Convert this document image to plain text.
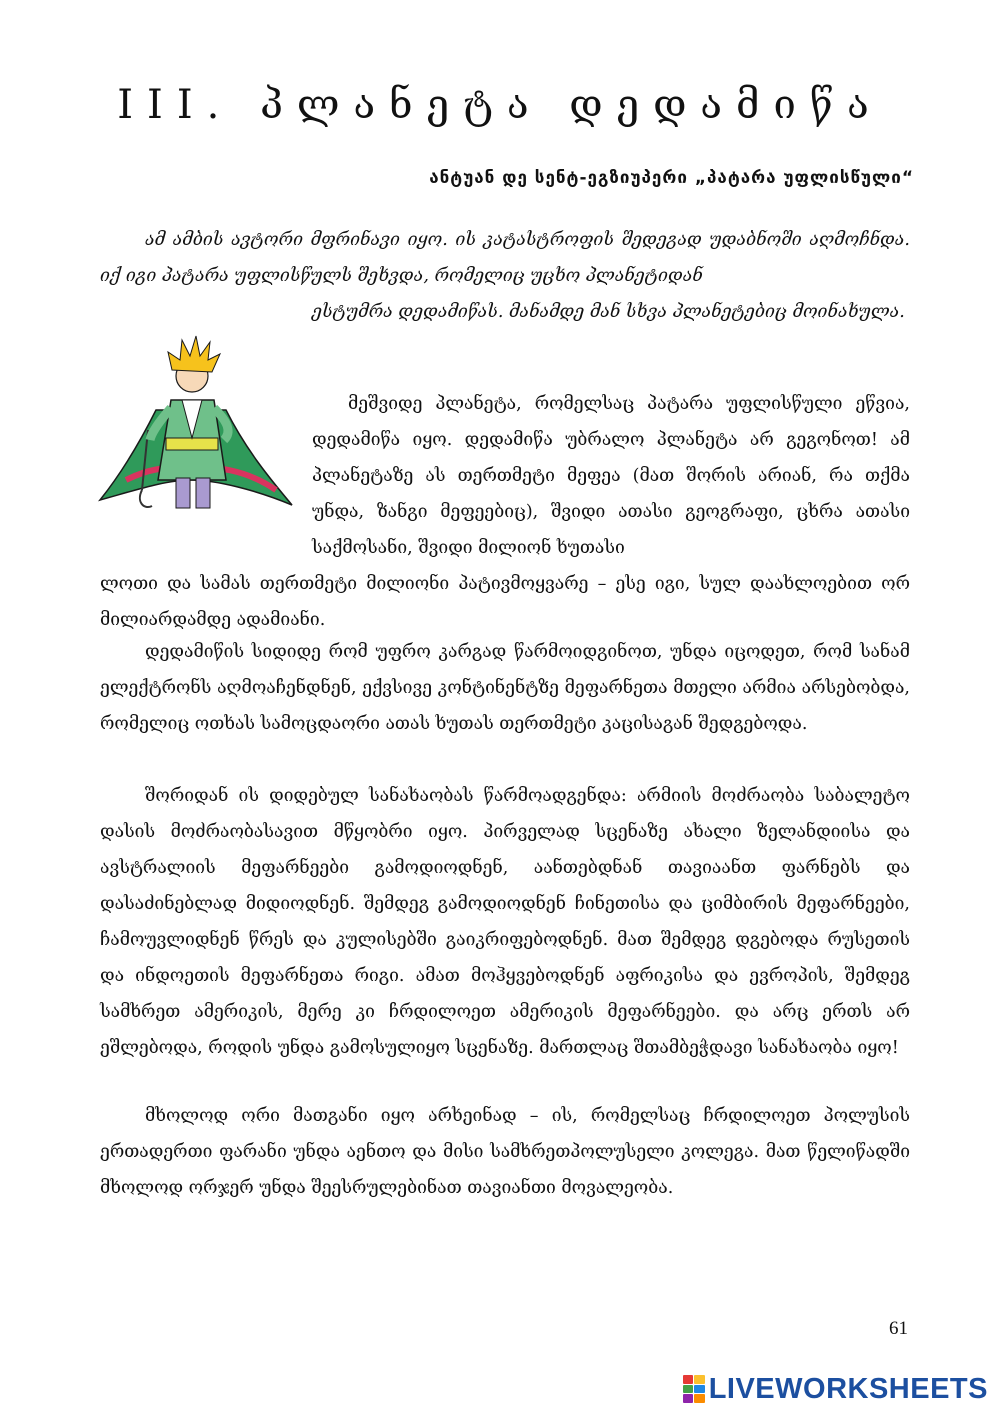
III. პლანეტა დედამიწა
ანტუან დე სენტ-ეგზიუპერი „პატარა უფლისწული“
ამ ამბის ავტორი მფრინავი იყო. ის კატასტროფის შედეგად უდაბნოში აღმოჩნდა. იქ იგი პატარა უფლისწულს შეხვდა, რომელიც უცხო პლანეტიდან
ესტუმრა დედამიწას. მანამდე მან სხვა პლანეტებიც მოინახულა.
მეშვიდე პლანეტა, რომელსაც პატარა უფლისწული ეწვია, დედამიწა იყო. დედამიწა უბრალო პლანეტა არ გეგონოთ! ამ პლანეტაზე ას თერთმეტი მეფეა (მათ შორის არიან, რა თქმა უნდა, ზანგი მეფეებიც), შვიდი ათასი გეოგრაფი, ცხრა ათასი საქმოსანი, შვიდი მილიონ ხუთასი
ლოთი და სამას თერთმეტი მილიონი პატივმოყვარე – ესე იგი, სულ დაახლოებით ორ მილიარდამდე ადამიანი.
დედამიწის სიდიდე რომ უფრო კარგად წარმოიდგინოთ, უნდა იცოდეთ, რომ სანამ ელექტრონს აღმოაჩენდნენ, ექვსივე კონტინენტზე მეფარნეთა მთელი არმია არსებობდა, რომელიც ოთხას სამოცდაორი ათას ხუთას თერთმეტი კაცისაგან შედგებოდა.
შორიდან ის დიდებულ სანახაობას წარმოადგენდა: არმიის მოძრაობა საბალეტო დასის მოძრაობასავით მწყობრი იყო. პირველად სცენაზე ახალი ზელანდიისა და ავსტრალიის მეფარნეები გამოდიოდნენ, აანთებდნან თავიაანთ ფარნებს და დასაძინებლად მიდიოდნენ. შემდეგ გამოდიოდნენ ჩინეთისა და ციმბირის მეფარნეები, ჩამოუვლიდნენ წრეს და კულისებში გაიკრიფებოდნენ. მათ შემდეგ დგებოდა რუსეთის და ინდოეთის მეფარნეთა რიგი. ამათ მოჰყვებოდნენ აფრიკისა და ევროპის, შემდეგ სამხრეთ ამერიკის, მერე კი ჩრდილოეთ ამერიკის მეფარნეები. და არც ერთს არ ეშლებოდა, როდის უნდა გამოსულიყო სცენაზე. მართლაც შთამბეჭდავი სანახაობა იყო!
მხოლოდ ორი მათგანი იყო არხეინად – ის, რომელსაც ჩრდილოეთ პოლუსის ერთადერთი ფარანი უნდა აენთო და მისი სამხრეთპოლუსელი კოლეგა. მათ წელიწადში მხოლოდ ორჯერ უნდა შეესრულებინათ თავიანთი მოვალეობა.
61
LIVEWORKSHEETS
